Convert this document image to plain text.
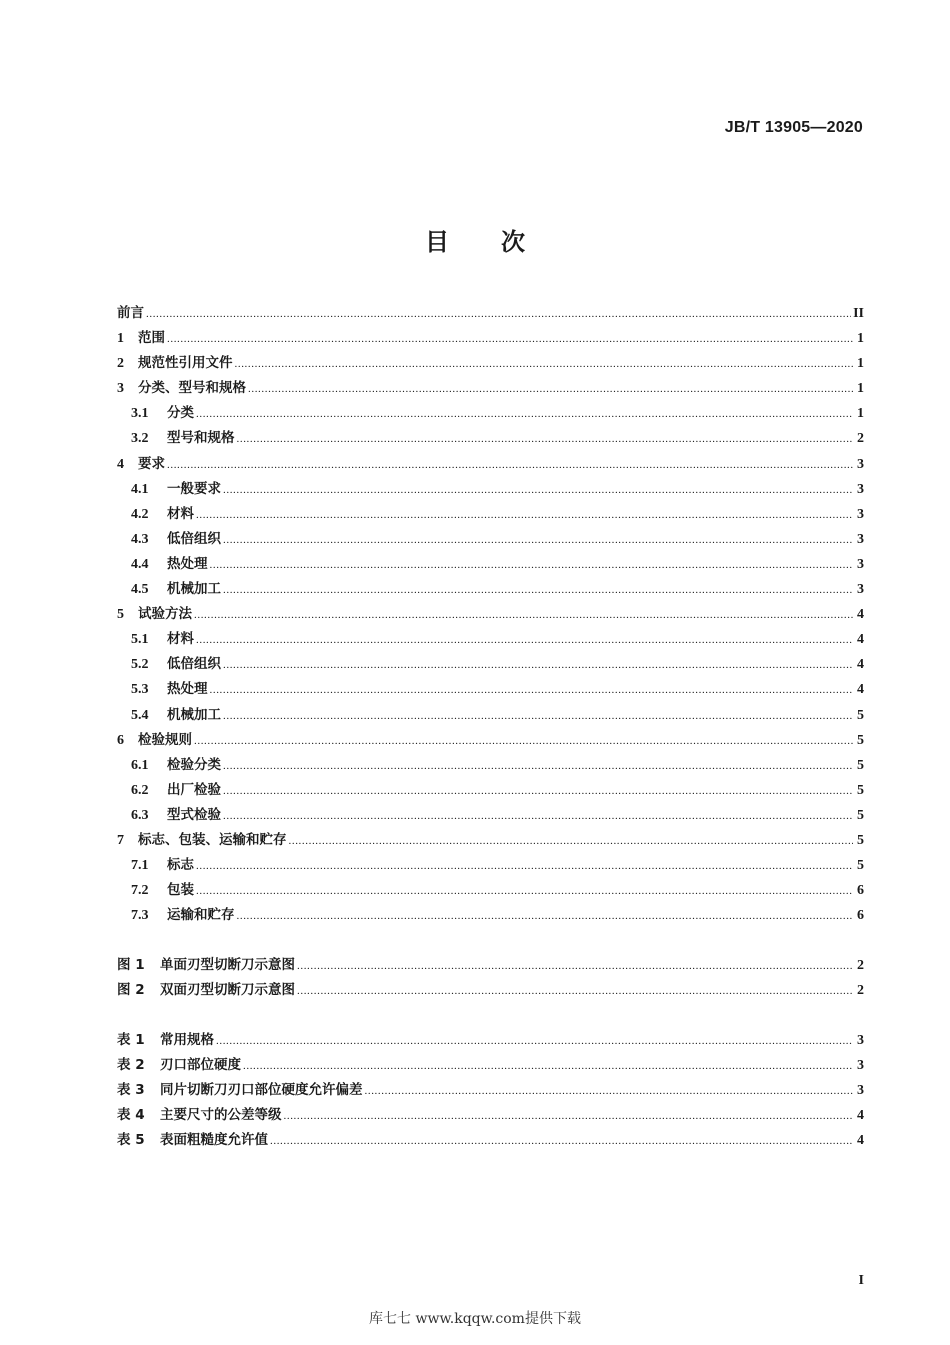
JB/T 13905—2020
目 次
前言 .....	II
1	范围 .....	1
2	规范性引用文件 .....	1
3	分类、型号和规格 .....	1
3.1	分类 .....	1
3.2	型号和规格 .....	2
4	要求 .....	3
4.1	一般要求 .....	3
4.2	材料 .....	3
4.3	低倍组织 .....	3
4.4	热处理 .....	3
4.5	机械加工 .....	3
5	试验方法 .....	4
5.1	材料 .....	4
5.2	低倍组织 .....	4
5.3	热处理 .....	4
5.4	机械加工 .....	5
6	检验规则 .....	5
6.1	检验分类 .....	5
6.2	出厂检验 .....	5
6.3	型式检验 .....	5
7	标志、包装、运输和贮存 .....	5
7.1	标志 .....	5
7.2	包装 .....	6
7.3	运输和贮存 .....	6
图 1	单面刃型切断刀示意图 .....	2
图 2	双面刃型切断刀示意图 .....	2
表 1	常用规格 .....	3
表 2	刃口部位硬度 .....	3
表 3	同片切断刀刃口部位硬度允许偏差 .....	3
表 4	主要尺寸的公差等级 .....	4
表 5	表面粗糙度允许值 .....	4
I
库七七 www.kqqw.com提供下载
